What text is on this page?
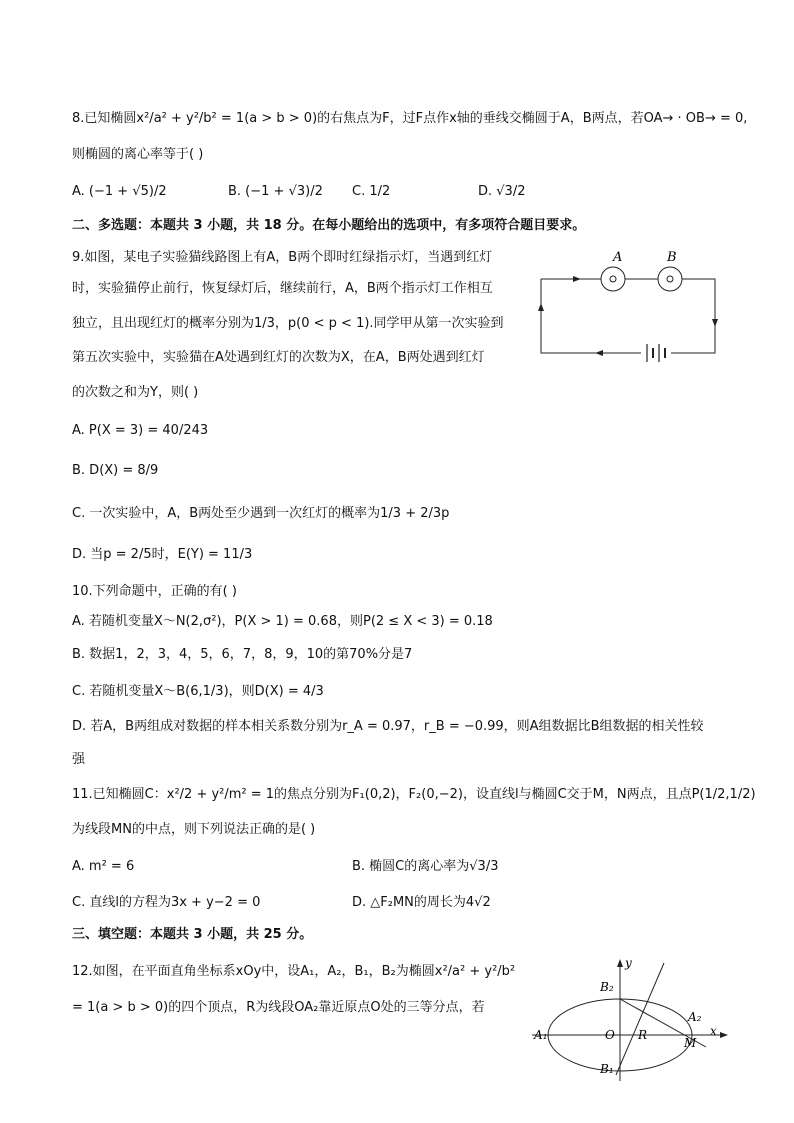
8.已知椭圆x²/a² + y²/b² = 1(a > b > 0)的右焦点为F，过F点作x轴的垂线交椭圆于A，B两点，若OA→ · OB→ = 0,
则椭圆的离心率等于( )
A. (−1 + √5)/2	B. (−1 + √3)/2 C. 1/2	D. √3/2
二、多选题：本题共 3 小题，共 18 分。在每小题给出的选项中，有多项符合题目要求。
9.如图，某电子实验猫线路图上有A，B两个即时红绿指示灯，当遇到红灯
时，实验猫停止前行，恢复绿灯后，继续前行，A，B两个指示灯工作相互
独立，且出现红灯的概率分别为1/3，p(0 < p < 1).同学甲从第一次实验到
第五次实验中，实验猫在A处遇到红灯的次数为X，在A，B两处遇到红灯
的次数之和为Y，则( )
A. P(X = 3) = 40/243
B. D(X) = 8/9
C. 一次实验中，A，B两处至少遇到一次红灯的概率为1/3 + 2/3p
D. 当p = 2/5时，E(Y) = 11/3
A	B
10.下列命题中，正确的有( )
A. 若随机变量X～N(2,σ²)，P(X > 1) = 0.68，则P(2 ≤ X < 3) = 0.18
B. 数据1，2，3，4，5，6，7，8，9，10的第70%分是7
C. 若随机变量X～B(6,1/3)，则D(X) = 4/3
D. 若A，B两组成对数据的样本相关系数分别为r_A = 0.97，r_B = −0.99，则A组数据比B组数据的相关性较
强
11.已知椭圆C：x²/2 + y²/m² = 1的焦点分别为F₁(0,2)，F₂(0,−2)，设直线l与椭圆C交于M，N两点，且点P(1/2,1/2)
为线段MN的中点，则下列说法正确的是( )
A. m² = 6	B. 椭圆C的离心率为√3/3
C. 直线l的方程为3x + y−2 = 0	D. △F₂MN的周长为4√2
三、填空题：本题共 3 小题，共 25 分。
12.如图，在平面直角坐标系xOy中，设A₁，A₂，B₁，B₂为椭圆x²/a² + y²/b²
= 1(a > b > 0)的四个顶点，R为线段OA₂靠近原点O处的三等分点，若
y
x
B₂
B₁
A₁
A₂
O R
M
